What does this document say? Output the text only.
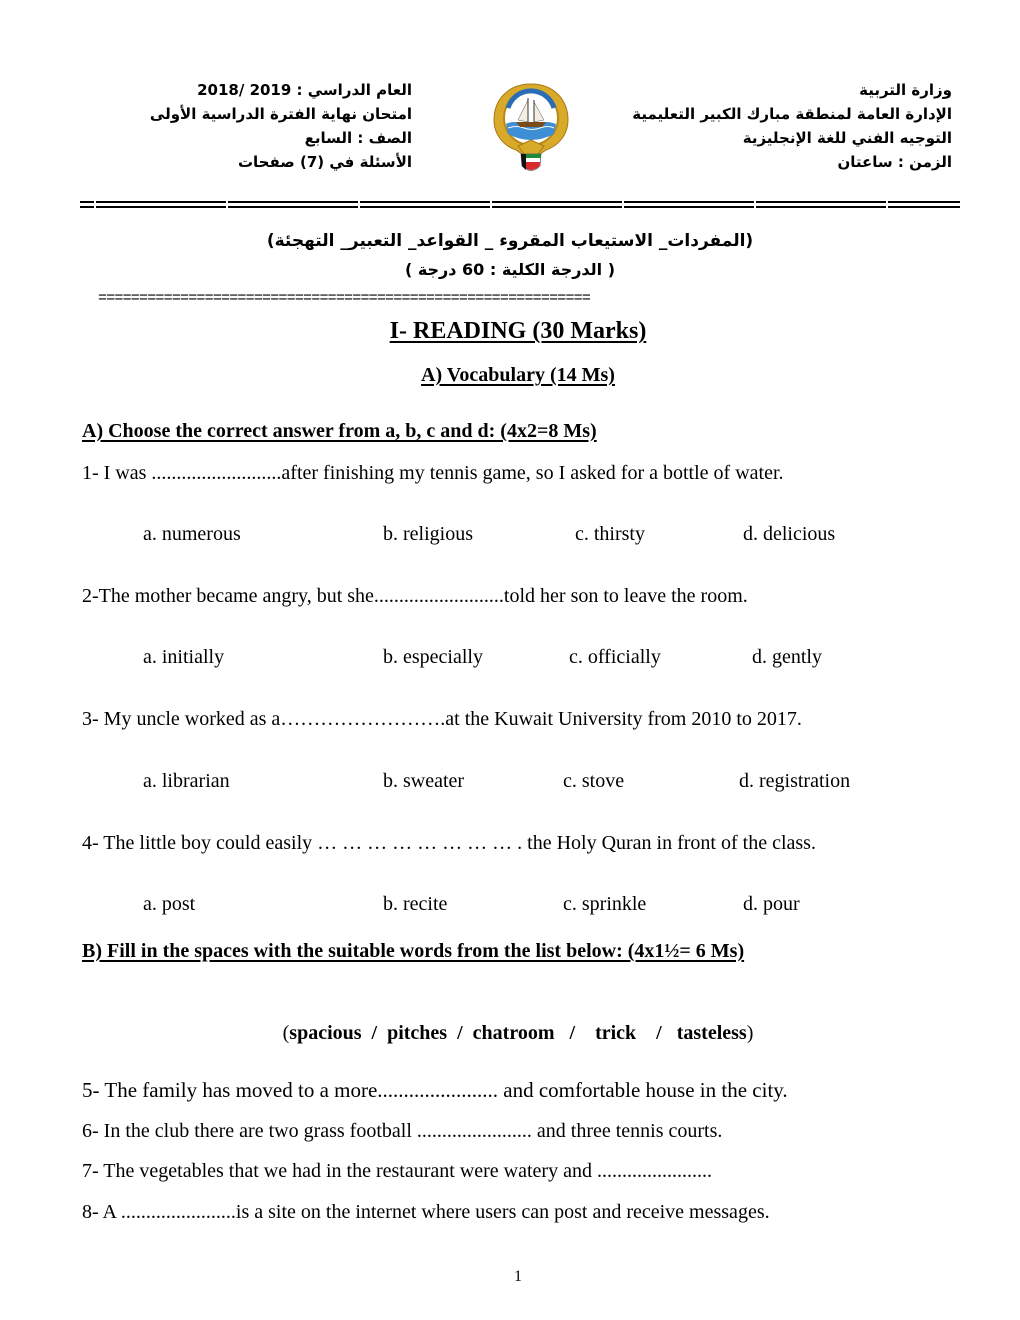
وزارة التربية
الإدارة العامة لمنطقة مبارك الكبير التعليمية
التوجيه الفني للغة الإنجليزية
الزمن : ساعتان
العام الدراسي : 2019 /2018
امتحان نهاية الفترة الدراسية الأولى
الصف : السابع
الأسئلة في (7) صفحات
(المفردات_ الاستيعاب المقروء _ القواعد_ التعبير_ التهجئة)
( الدرجة الكلية : 60 درجة )
============================================================
I- READING (30 Marks)
A) Vocabulary (14 Ms)
A) Choose the correct answer from a, b, c and d: (4x2=8 Ms)
1- I was ..........................after finishing my tennis game, so I asked for a bottle of water.
a. numerous	b. religious	c. thirsty	d. delicious
2-The mother became angry, but she..........................told her son to leave the room.
a. initially	b. especially	c. officially	d. gently
3- My uncle worked as a…………………….at the Kuwait University from 2010 to 2017.
a. librarian	b. sweater	c. stove	d. registration
4- The little boy could easily … … … … … … … … . the Holy Quran in front of the class.
a. post	b. recite	c. sprinkle	d. pour
B) Fill in the spaces with the suitable words from the list below: (4x1½= 6 Ms)
(spacious  /  pitches  /  chatroom   /    trick    /   tasteless)
5- The family has moved to a more....................... and comfortable house in the city.
6- In the club there are two grass football ....................... and three tennis courts.
7- The vegetables that we had in the restaurant were watery and .......................
8- A .......................is a site on the internet where users can post and receive messages.
1
